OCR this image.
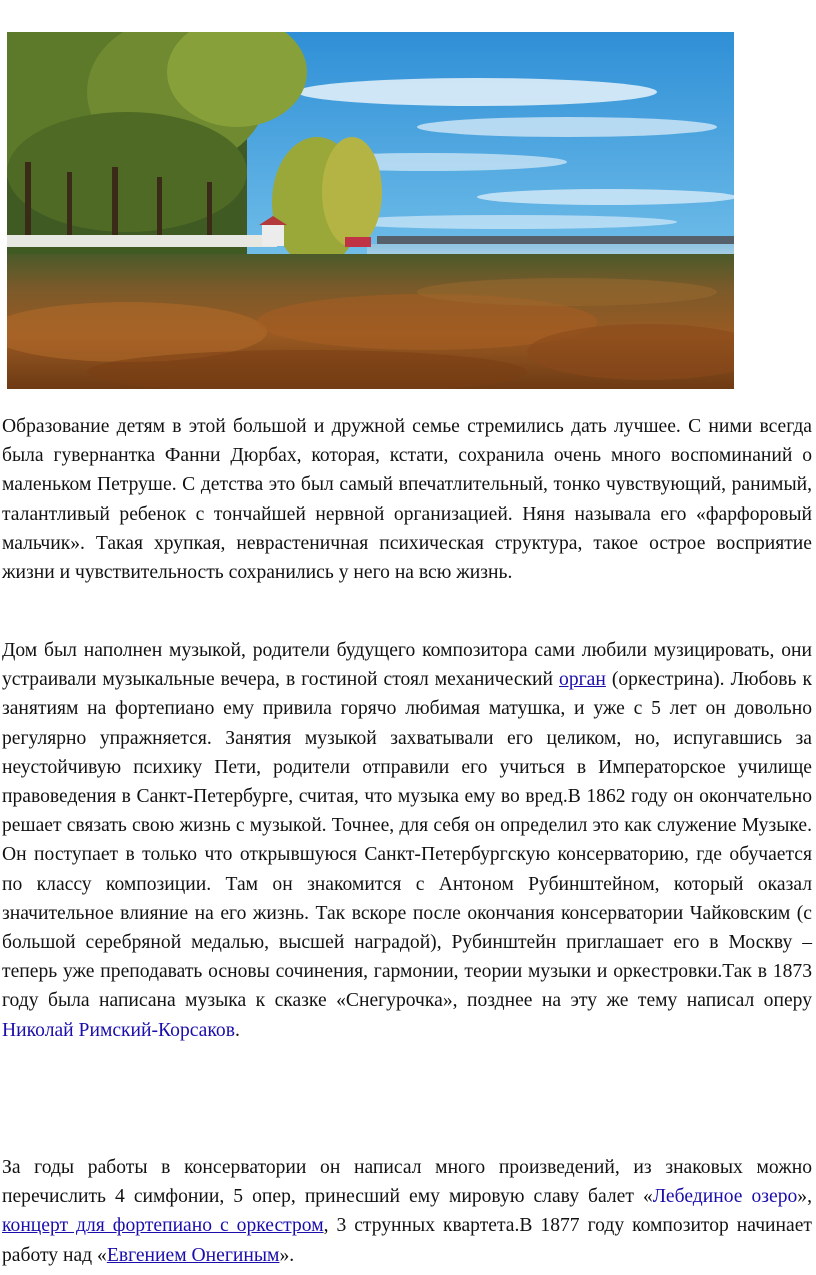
Образование детям в этой большой и дружной семье стремились дать лучшее. С ними всегда была гувернантка Фанни Дюрбах, которая, кстати, сохранила очень много воспоминаний о маленьком Петруше. С детства это был самый впечатлительный, тонко чувствующий, ранимый, талантливый ребенок с тончайшей нервной организацией. Няня называла его «фарфоровый мальчик». Такая хрупкая, неврастеничная психическая структура, такое острое восприятие жизни и чувствительность сохранились у него на всю жизнь.

Дом был наполнен музыкой, родители будущего композитора сами любили музицировать, они устраивали музыкальные вечера, в гостиной стоял механический орган (оркестрина). Любовь к занятиям на фортепиано ему привила горячо любимая матушка, и уже с 5 лет он довольно регулярно упражняется. Занятия музыкой захватывали его целиком, но, испугавшись за неустойчивую психику Пети, родители отправили его учиться в Императорское училище правоведения в Санкт-Петербурге, считая, что музыка ему во вред.В 1862 году он окончательно решает связать свою жизнь с музыкой. Точнее, для себя он определил это как служение Музыке. Он поступает в только что открывшуюся Санкт-Петербургскую консерваторию, где обучается по классу композиции. Там он знакомится с Антоном Рубинштейном, который оказал значительное влияние на его жизнь. Так вскоре после окончания консерватории Чайковским (с большой серебряной медалью, высшей наградой), Рубинштейн приглашает его в Москву – теперь уже преподавать основы сочинения, гармонии, теории музыки и оркестровки.Так в 1873 году была написана музыка к сказке «Снегурочка», позднее на эту же тему написал оперу Николай Римский-Корсаков.

За годы работы в консерватории он написал много произведений, из знаковых можно перечислить 4 симфонии, 5 опер, принесший ему мировую славу балет «Лебединое озеро», концерт для фортепиано с оркестром, 3 струнных квартета.В 1877 году композитор начинает работу над «Евгением Онегиным».
